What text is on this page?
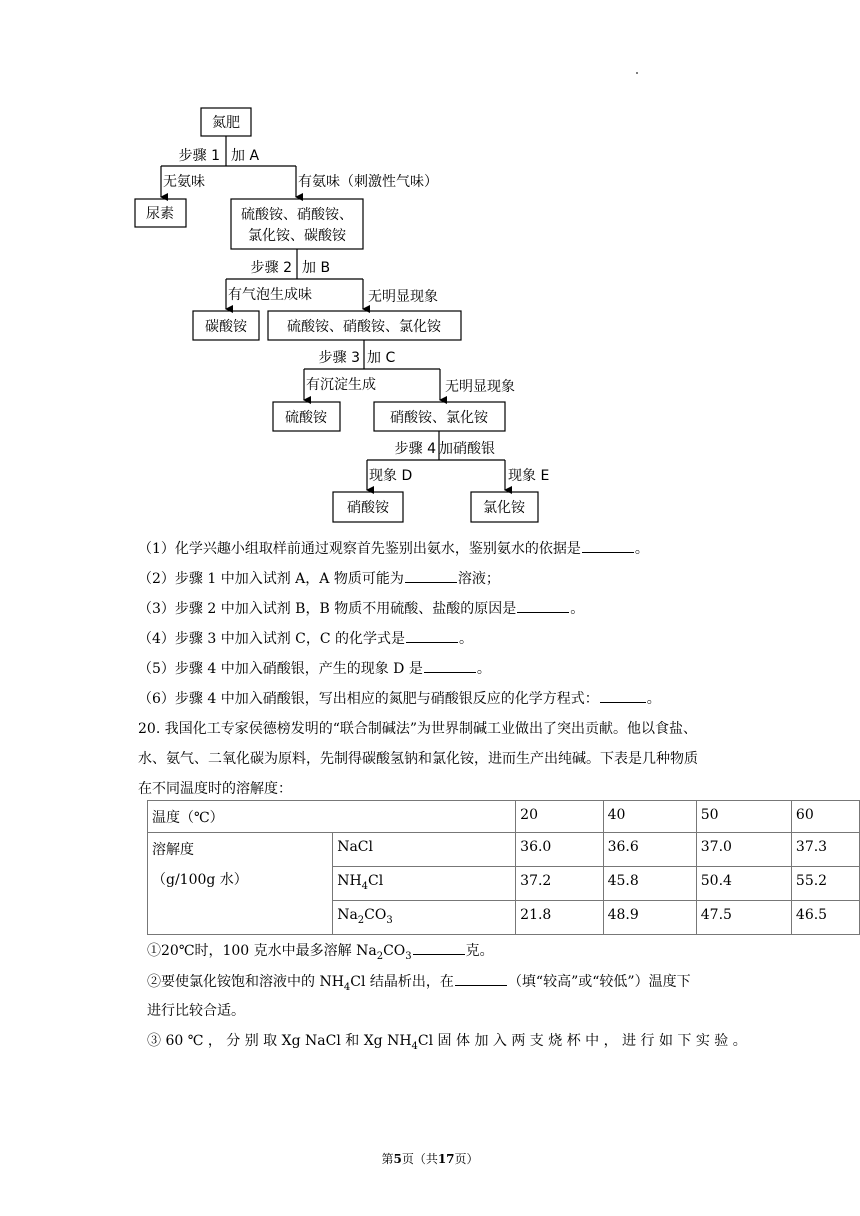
氮肥
步骤 1 加 A
无氨味	有氨味（刺激性气味）
尿素	硫酸铵、硝酸铵、
氯化铵、碳酸铵
步骤 2 加 B
有气泡生成味	无明显现象
碳酸铵	硫酸铵、硝酸铵、氯化铵
步骤 3 加 C
有沉淀生成	无明显现象
硫酸铵	硝酸铵、氯化铵
步骤 4 加硝酸银
现象 D	现象 E
硝酸铵	氯化铵
（1）化学兴趣小组取样前通过观察首先鉴别出氨水，鉴别氨水的依据是	。
（2）步骤 1 中加入试剂 A，A 物质可能为	溶液；
（3）步骤 2 中加入试剂 B，B 物质不用硫酸、盐酸的原因是	。
（4）步骤 3 中加入试剂 C，C 的化学式是	。
（5）步骤 4 中加入硝酸银，产生的现象 D 是	。
（6）步骤 4 中加入硝酸银，写出相应的氮肥与硝酸银反应的化学方程式：	。
20. 我国化工专家侯德榜发明的“联合制碱法”为世界制碱工业做出了突出贡献。他以食盐、
水、氨气、二氧化碳为原料，先制得碳酸氢钠和氯化铵，进而生产出纯碱。下表是几种物质
在不同温度时的溶解度：
温度（℃）		20	40	50	60

溶解度
（g/100g 水）	NaCl	36.0	36.6	37.0	37.3
	$NH_4Cl$	37.2	45.8	50.4	55.2
	$Na_2CO_3$	21.8	48.9	47.5	46.5
①20℃时，100 克水中最多溶解 $Na_2CO_3$	克。
②要使氯化铵饱和溶液中的 $NH_4Cl$ 结晶析出，在	（填“较高”或“较低”）温度下
进行比较合适。
③ 60 ℃ ， 分 别 取 Xg NaCl 和 Xg $NH_4Cl$ 固 体 加 入 两 支 烧 杯 中 ， 进 行 如 下 实 验 。
第5页（共17页）
